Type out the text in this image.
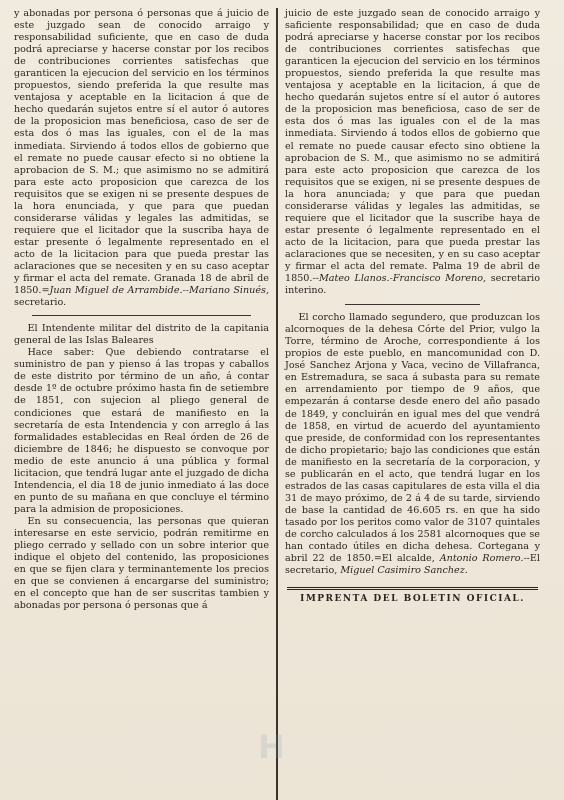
y abonadas por persona ó personas que á juicio de este juzgado sean de conocido arraigo y responsabilidad suficiente, que en caso de duda podrá apreciarse y hacerse constar por los recibos de contribuciones corrientes satisfechas que garanticen la ejecucion del servicio en los términos propuestos, siendo preferida la que resulte mas ventajosa y aceptable en la licitacion á que de hecho quedarán sujetos entre sí el autor ó autores de la proposicion mas beneficiosa, caso de ser de esta dos ó mas las iguales, con el de la mas inmediata. Sirviendo á todos ellos de gobierno que el remate no puede causar efecto si no obtiene la aprobacion de S. M.; que asimismo no se admitirá para este acto proposicion que carezca de los requisitos que se exigen ni se presente despues de la hora enunciada, y que para que puedan considerarse válidas y legales las admitidas, se requiere que el licitador que la suscriba haya de estar presente ó legalmente representado en el acto de la licitacion para que pueda prestar las aclaraciones que se necesiten y en su caso aceptar y firmar el acta del remate. Granada 18 de abril de 1850.=Juan Miguel de Arrambide.--Mariano Sinués, secretario.

El Intendente militar del distrito de la capitania general de las Islas Baleares

Hace saber: Que debiendo contratarse el suministro de pan y pienso á las tropas y caballos de este distrito por término de un año, á contar desde 1º de octubre próximo hasta fin de setiembre de 1851, con sujecion al pliego general de condiciones que estará de manifiesto en la secretaría de esta Intendencia y con arreglo á las formalidades establecidas en Real órden de 26 de diciembre de 1846; he dispuesto se convoque por medio de este anuncio á una pública y formal licitacion, que tendrá lugar ante el juzgado de dicha Intendencia, el dia 18 de junio inmediato á las doce en punto de su mañana en que concluye el término para la admision de proposiciones.

En su consecuencia, las personas que quieran interesarse en este servicio, podrán remitirme en pliego cerrado y sellado con un sobre interior que indique el objeto del contenido, las proposiciones en que se fijen clara y terminantemente los precios en que se convienen á encargarse del suministro; en el concepto que han de ser suscritas tambien y abonadas por persona ó personas que á

juicio de este juzgado sean de conocido arraigo y saficiente responsabilidad; que en caso de duda podrá apreciarse y hacerse constar por los recibos de contribuciones corrientes satisfechas que garanticen la ejecucion del servicio en los términos propuestos, siendo preferida la que resulte mas ventajosa y aceptable en la licitacion, á que de hecho quedarán sujetos entre sí el autor ó autores de la proposicion mas beneficiosa, caso de ser de esta dos ó mas las iguales con el de la mas inmediata. Sirviendo á todos ellos de gobierno que el remate no puede causar efecto sino obtiene la aprobacion de S. M., que asimismo no se admitirá para este acto proposicion que carezca de los requisitos que se exigen, ni se presente despues de la hora anunciada; y que para que puedan considerarse válidas y legales las admitidas, se requiere que el licitador que la suscribe haya de estar presente ó legalmente representado en el acto de la licitacion, para que pueda prestar las aclaraciones que se necesiten, y en su caso aceptar y firmar el acta del remate. Palma 19 de abril de 1850.--Mateo Llanos.-Francisco Moreno, secretario interino.

El corcho llamado segundero, que produzcan los alcornoques de la dehesa Córte del Prior, vulgo la Torre, término de Aroche, correspondiente á los propios de este pueblo, en mancomunidad con D. José Sanchez Arjona y Vaca, vecino de Villafranca, en Estremadura, se saca á subasta para su remate en arrendamiento por tiempo de 9 años, que empezarán á contarse desde enero del año pasado de 1849, y concluirán en igual mes del que vendrá de 1858, en virtud de acuerdo del ayuntamiento que preside, de conformidad con los representantes de dicho propietario; bajo las condiciones que están de manifiesto en la secretaría de la corporacion, y se publicarán en el acto, que tendrá lugar en los estrados de las casas capitulares de esta villa el dia 31 de mayo próximo, de 2 á 4 de su tarde, sirviendo de base la cantidad de 46.605 rs. en que ha sido tasado por los peritos como valor de 3107 quintales de corcho calculados á los 2581 alcornoques que se han contado útiles en dicha dehesa. Cortegana y abril 22 de 1850.=El alcalde, Antonio Romero.--El secretario, Miguel Casimiro Sanchez.

IMPRENTA DEL BOLETIN OFICIAL.
H
